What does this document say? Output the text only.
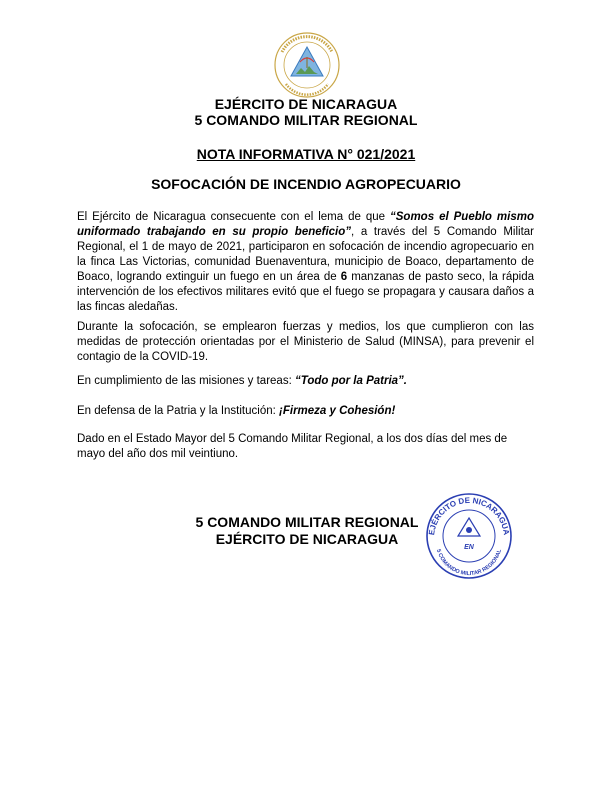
EJÉRCITO DE NICARAGUA
5 COMANDO MILITAR REGIONAL
NOTA INFORMATIVA N° 021/2021
SOFOCACIÓN DE INCENDIO AGROPECUARIO
El Ejército de Nicaragua consecuente con el lema de que “Somos el Pueblo mismo uniformado trabajando en su propio beneficio”, a través del 5 Comando Militar Regional, el 1 de mayo de 2021, participaron en sofocación de incendio agropecuario en la finca Las Victorias, comunidad Buenaventura, municipio de Boaco, departamento de Boaco, logrando extinguir un fuego en un área de 6 manzanas de pasto seco, la rápida intervención de los efectivos militares evitó que el fuego se propagara y causara daños a las fincas aledañas.
Durante la sofocación, se emplearon fuerzas y medios, los que cumplieron con las medidas de protección orientadas por el Ministerio de Salud (MINSA), para prevenir el contagio de la COVID-19.
En cumplimiento de las misiones y tareas: “Todo por la Patria”.
En defensa de la Patria y la Institución: ¡Firmeza y Cohesión!
Dado en el Estado Mayor del 5 Comando Militar Regional, a los dos días del mes de mayo del año dos mil veintiuno.
5 COMANDO MILITAR REGIONAL
EJÉRCITO DE NICARAGUA	EJÉRCITO DE NICARAGUA
5 COMANDO MILITAR REGIONAL
EN
